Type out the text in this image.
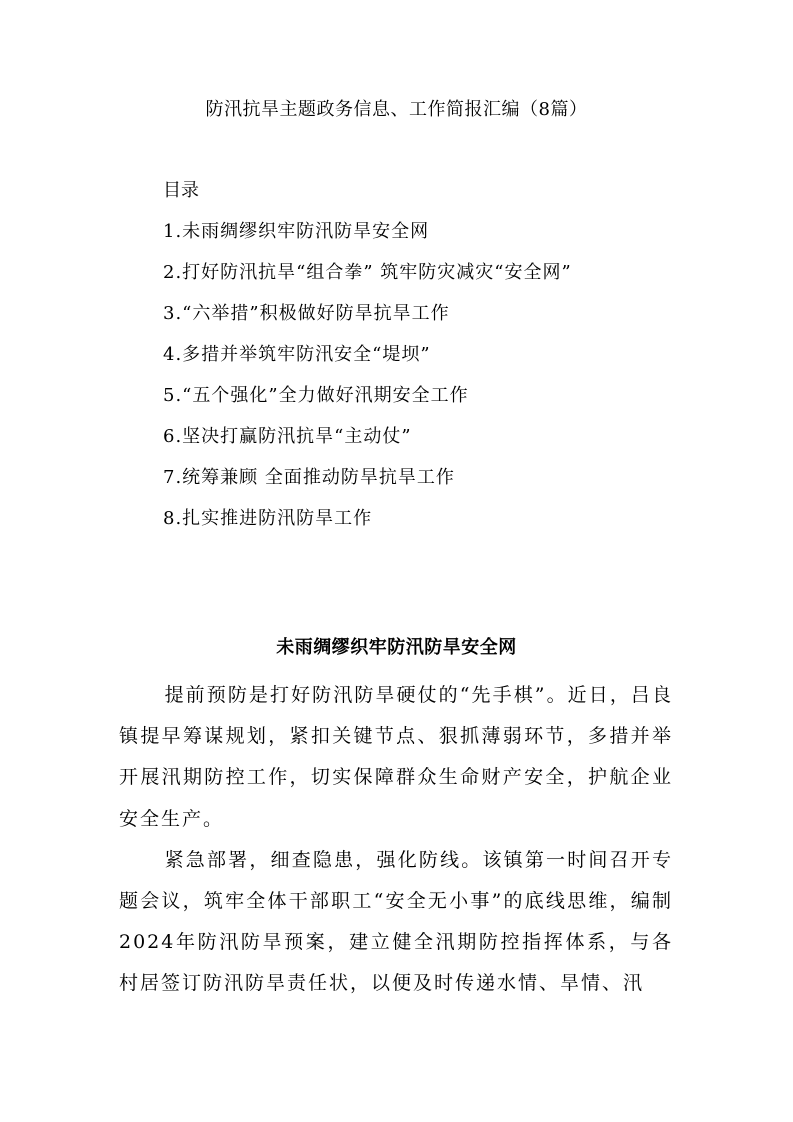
防汛抗旱主题政务信息、工作简报汇编（8篇）
目录
1.未雨绸缪织牢防汛防旱安全网
2.打好防汛抗旱“组合拳” 筑牢防灾减灾“安全网”
3.“六举措”积极做好防旱抗旱工作
4.多措并举筑牢防汛安全“堤坝”
5.“五个强化”全力做好汛期安全工作
6.坚决打赢防汛抗旱“主动仗”
7.统筹兼顾 全面推动防旱抗旱工作
8.扎实推进防汛防旱工作
未雨绸缪织牢防汛防旱安全网

提前预防是打好防汛防旱硬仗的“先手棋”。近日，吕良镇提早筹谋规划，紧扣关键节点、狠抓薄弱环节，多措并举开展汛期防控工作，切实保障群众生命财产安全，护航企业安全生产。

紧急部署，细查隐患，强化防线。该镇第一时间召开专题会议，筑牢全体干部职工“安全无小事”的底线思维，编制2024年防汛防旱预案，建立健全汛期防控指挥体系，与各村居签订防汛防旱责任状，以便及时传递水情、旱情、汛
